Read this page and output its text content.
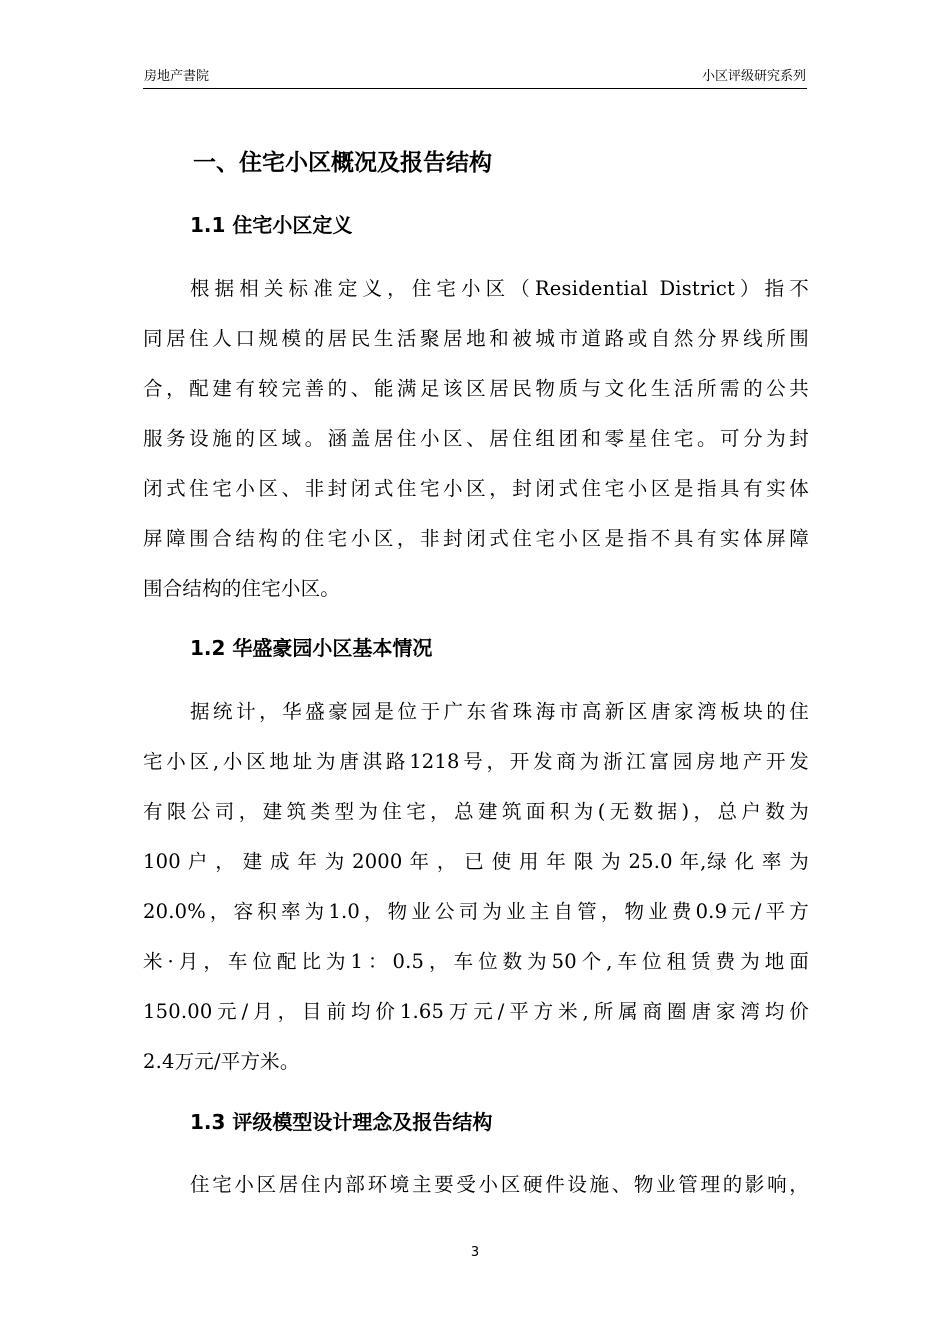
房地产書院	小区评级研究系列
一、住宅小区概况及报告结构
1.1 住宅小区定义
根据相关标准定义，住宅小区（Residential District）指不
同居住人口规模的居民生活聚居地和被城市道路或自然分界线所围
合，配建有较完善的、能满足该区居民物质与文化生活所需的公共
服务设施的区域。涵盖居住小区、居住组团和零星住宅。可分为封
闭式住宅小区、非封闭式住宅小区，封闭式住宅小区是指具有实体
屏障围合结构的住宅小区，非封闭式住宅小区是指不具有实体屏障
围合结构的住宅小区。
1.2 华盛豪园小区基本情况
据统计，华盛豪园是位于广东省珠海市高新区唐家湾板块的住
宅小区,小区地址为唐淇路1218号，开发商为浙江富园房地产开发
有限公司，建筑类型为住宅，总建筑面积为(无数据)，总户数为
100 户 ， 建 成 年 为 2000 年 ， 已 使 用 年 限 为 25.0 年,绿 化 率 为
20.0%，容积率为1.0，物业公司为业主自管，物业费0.9元/平方
米·月，车位配比为1：0.5，车位数为50个,车位租赁费为地面
150.00元/月，目前均价1.65万元/平方米,所属商圈唐家湾均价
2.4万元/平方米。
1.3 评级模型设计理念及报告结构
住宅小区居住内部环境主要受小区硬件设施、物业管理的影响，
3
